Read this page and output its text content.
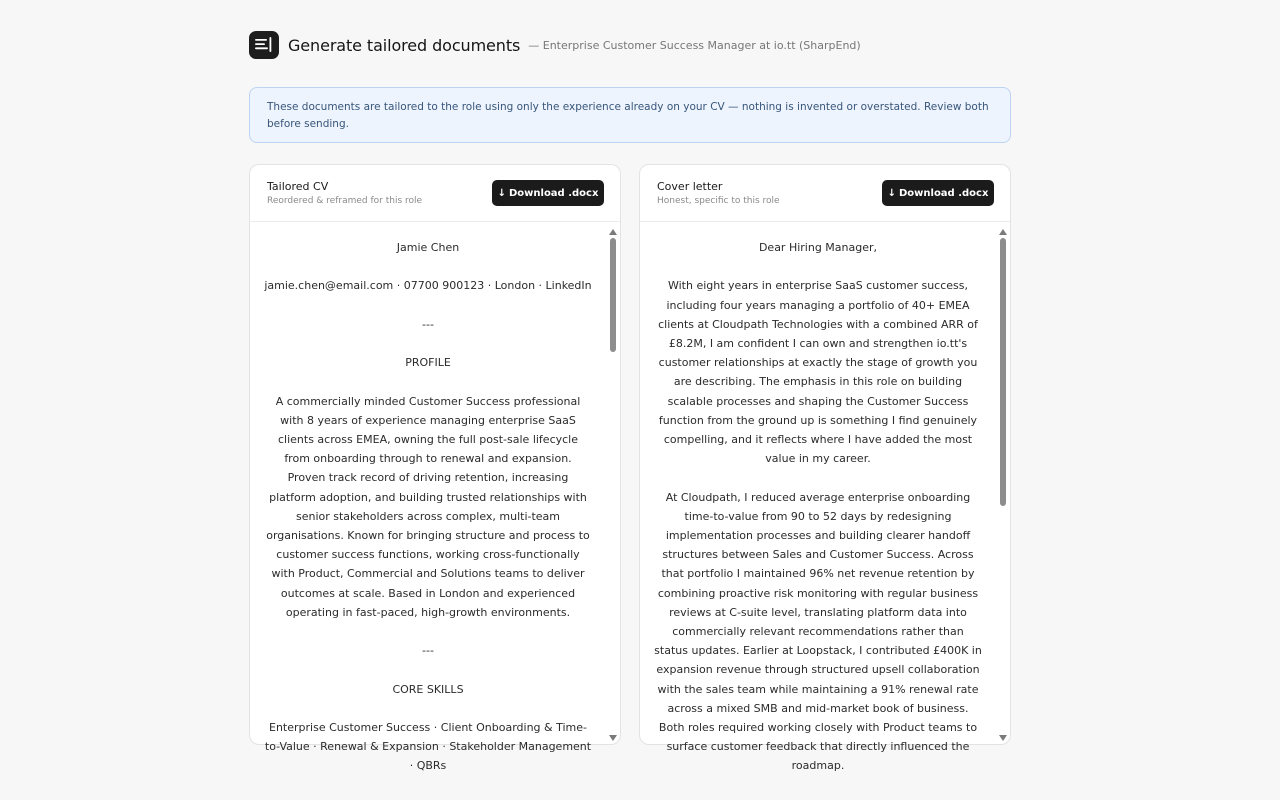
Generate tailored documents — Enterprise Customer Success Manager at io.tt (SharpEnd)
These documents are tailored to the role using only the experience already on your CV — nothing is invented or overstated. Review both before sending.
Tailored CV
Reordered & reframed for this role
↓ Download .docx

Jamie Chen

jamie.chen@email.com · 07700 900123 · London · LinkedIn

---

PROFILE

A commercially minded Customer Success professional with 8 years of experience managing enterprise SaaS clients across EMEA, owning the full post-sale lifecycle from onboarding through to renewal and expansion. Proven track record of driving retention, increasing platform adoption, and building trusted relationships with senior stakeholders across complex, multi-team organisations. Known for bringing structure and process to customer success functions, working cross-functionally with Product, Commercial and Solutions teams to deliver outcomes at scale. Based in London and experienced operating in fast-paced, high-growth environments.

---

CORE SKILLS

Enterprise Customer Success · Client Onboarding & Time-to-Value · Renewal & Expansion · Stakeholder Management · QBRs

Cover letter
Honest, specific to this role
↓ Download .docx

Dear Hiring Manager,

With eight years in enterprise SaaS customer success, including four years managing a portfolio of 40+ EMEA clients at Cloudpath Technologies with a combined ARR of £8.2M, I am confident I can own and strengthen io.tt's customer relationships at exactly the stage of growth you are describing. The emphasis in this role on building scalable processes and shaping the Customer Success function from the ground up is something I find genuinely compelling, and it reflects where I have added the most value in my career.

At Cloudpath, I reduced average enterprise onboarding time-to-value from 90 to 52 days by redesigning implementation processes and building clearer handoff structures between Sales and Customer Success. Across that portfolio I maintained 96% net revenue retention by combining proactive risk monitoring with regular business reviews at C-suite level, translating platform data into commercially relevant recommendations rather than status updates. Earlier at Loopstack, I contributed £400K in expansion revenue through structured upsell collaboration with the sales team while maintaining a 91% renewal rate across a mixed SMB and mid-market book of business. Both roles required working closely with Product teams to surface customer feedback that directly influenced the roadmap.
